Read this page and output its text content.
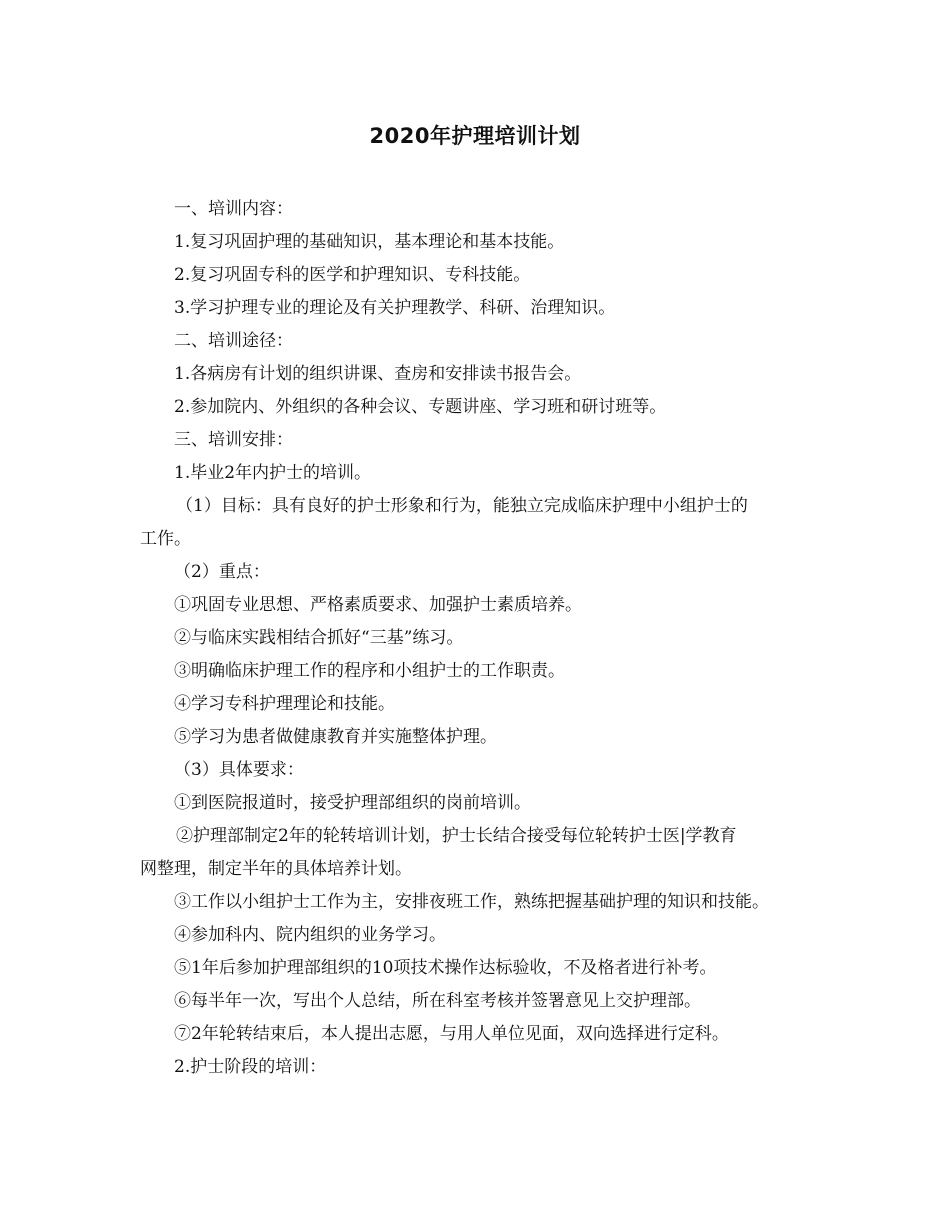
2020年护理培训计划

一、培训内容：

1.复习巩固护理的基础知识，基本理论和基本技能。

2.复习巩固专科的医学和护理知识、专科技能。

3.学习护理专业的理论及有关护理教学、科研、治理知识。

二、培训途径：

1.各病房有计划的组织讲课、查房和安排读书报告会。

2.参加院内、外组织的各种会议、专题讲座、学习班和研讨班等。

三、培训安排：

1.毕业2年内护士的培训。

（1）目标：具有良好的护士形象和行为，能独立完成临床护理中小组护士的
工作。

（2）重点：

①巩固专业思想、严格素质要求、加强护士素质培养。

②与临床实践相结合抓好“三基”练习。

③明确临床护理工作的程序和小组护士的工作职责。

④学习专科护理理论和技能。

⑤学习为患者做健康教育并实施整体护理。

（3）具体要求：

①到医院报道时，接受护理部组织的岗前培训。

②护理部制定2年的轮转培训计划，护士长结合接受每位轮转护士医|学教育
网整理，制定半年的具体培养计划。

③工作以小组护士工作为主，安排夜班工作，熟练把握基础护理的知识和技能。

④参加科内、院内组织的业务学习。

⑤1年后参加护理部组织的10项技术操作达标验收，不及格者进行补考。

⑥每半年一次，写出个人总结，所在科室考核并签署意见上交护理部。

⑦2年轮转结束后，本人提出志愿，与用人单位见面，双向选择进行定科。

2.护士阶段的培训：
